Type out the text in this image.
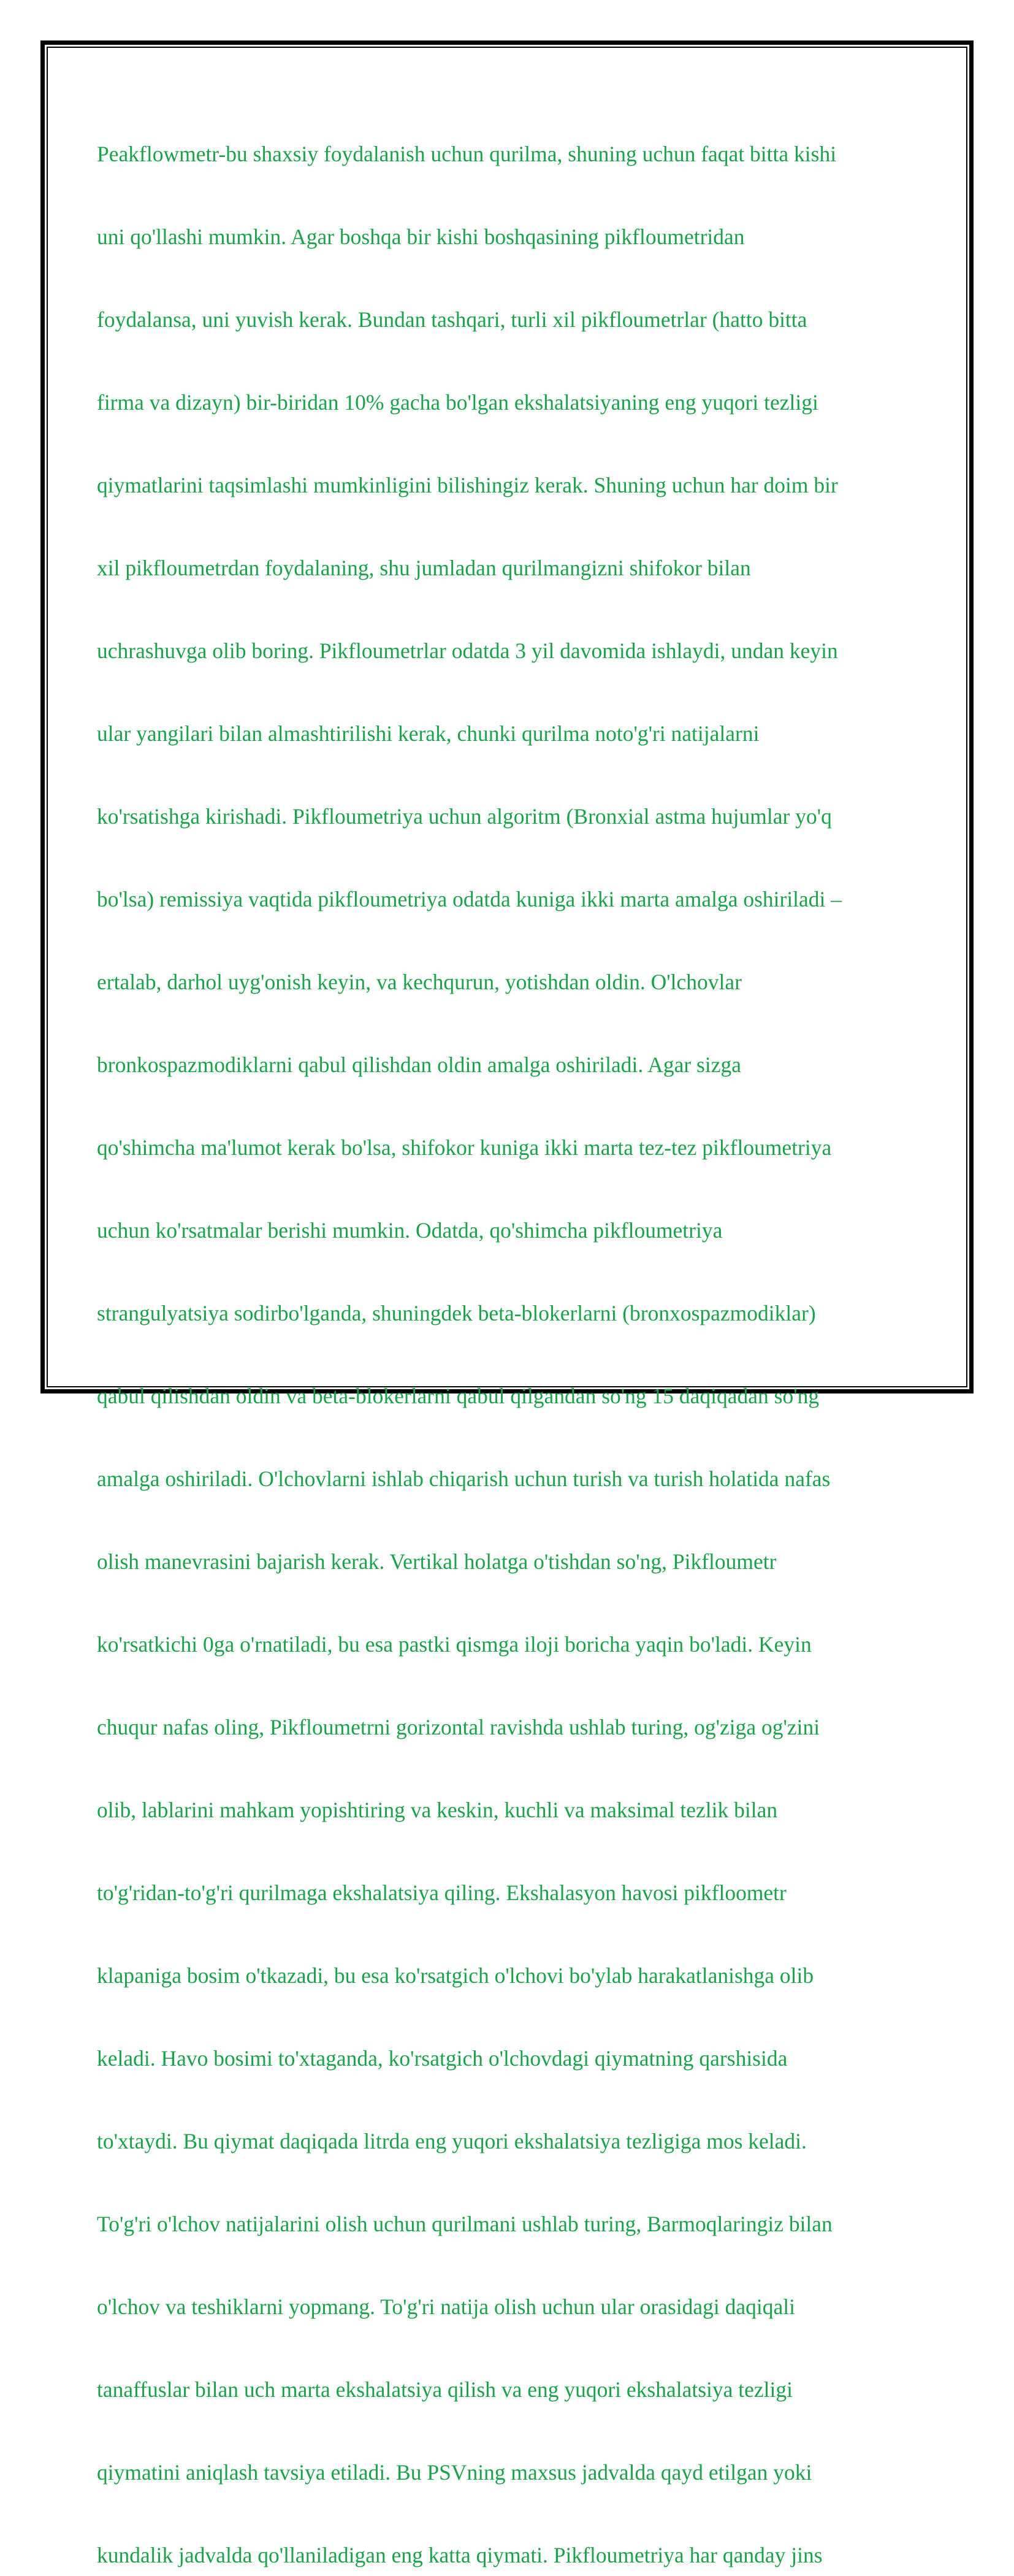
Peakflowmetr-bu shaxsiy foydalanish uchun qurilma, shuning uchun faqat bitta kishi

uni qo'llashi mumkin. Agar boshqa bir kishi boshqasining pikfloumetridan

foydalansa, uni yuvish kerak. Bundan tashqari, turli xil pikfloumetrlar (hatto bitta

firma va dizayn) bir-biridan 10% gacha bo'lgan ekshalatsiyaning eng yuqori tezligi

qiymatlarini taqsimlashi mumkinligini bilishingiz kerak. Shuning uchun har doim bir

xil pikfloumetrdan foydalaning, shu jumladan qurilmangizni shifokor bilan

uchrashuvga olib boring. Pikfloumetrlar odatda 3 yil davomida ishlaydi, undan keyin

ular yangilari bilan almashtirilishi kerak, chunki qurilma noto'g'ri natijalarni

ko'rsatishga kirishadi. Pikfloumetriya uchun algoritm (Bronxial astma hujumlar yo'q

bo'lsa) remissiya vaqtida pikfloumetriya odatda kuniga ikki marta amalga oshiriladi –

ertalab, darhol uyg'onish keyin, va kechqurun, yotishdan oldin. O'lchovlar

bronkospazmodiklarni qabul qilishdan oldin amalga oshiriladi. Agar sizga

qo'shimcha ma'lumot kerak bo'lsa, shifokor kuniga ikki marta tez-tez pikfloumetriya

uchun ko'rsatmalar berishi mumkin. Odatda, qo'shimcha pikfloumetriya

strangulyatsiya sodirbo'lganda, shuningdek beta-blokerlarni (bronxospazmodiklar)

qabul qilishdan oldin va beta-blokerlarni qabul qilgandan so'ng 15 daqiqadan so'ng

amalga oshiriladi. O'lchovlarni ishlab chiqarish uchun turish va turish holatida nafas

olish manevrasini bajarish kerak. Vertikal holatga o'tishdan so'ng, Pikfloumetr

ko'rsatkichi 0ga o'rnatiladi, bu esa pastki qismga iloji boricha yaqin bo'ladi. Keyin

chuqur nafas oling, Pikfloumetrni gorizontal ravishda ushlab turing, og'ziga og'zini

olib, lablarini mahkam yopishtiring va keskin, kuchli va maksimal tezlik bilan

to'g'ridan-to'g'ri qurilmaga ekshalatsiya qiling. Ekshalasyon havosi pikfloometr

klapaniga bosim o'tkazadi, bu esa ko'rsatgich o'lchovi bo'ylab harakatlanishga olib

keladi. Havo bosimi to'xtaganda, ko'rsatgich o'lchovdagi qiymatning qarshisida

to'xtaydi. Bu qiymat daqiqada litrda eng yuqori ekshalatsiya tezligiga mos keladi.

To'g'ri o'lchov natijalarini olish uchun qurilmani ushlab turing, Barmoqlaringiz bilan

o'lchov va teshiklarni yopmang. To'g'ri natija olish uchun ular orasidagi daqiqali

tanaffuslar bilan uch marta ekshalatsiya qilish va eng yuqori ekshalatsiya tezligi

qiymatini aniqlash tavsiya etiladi. Bu PSVning maxsus jadvalda qayd etilgan yoki

kundalik jadvalda qo'llaniladigan eng katta qiymati. Pikfloumetriya har qanday jins
